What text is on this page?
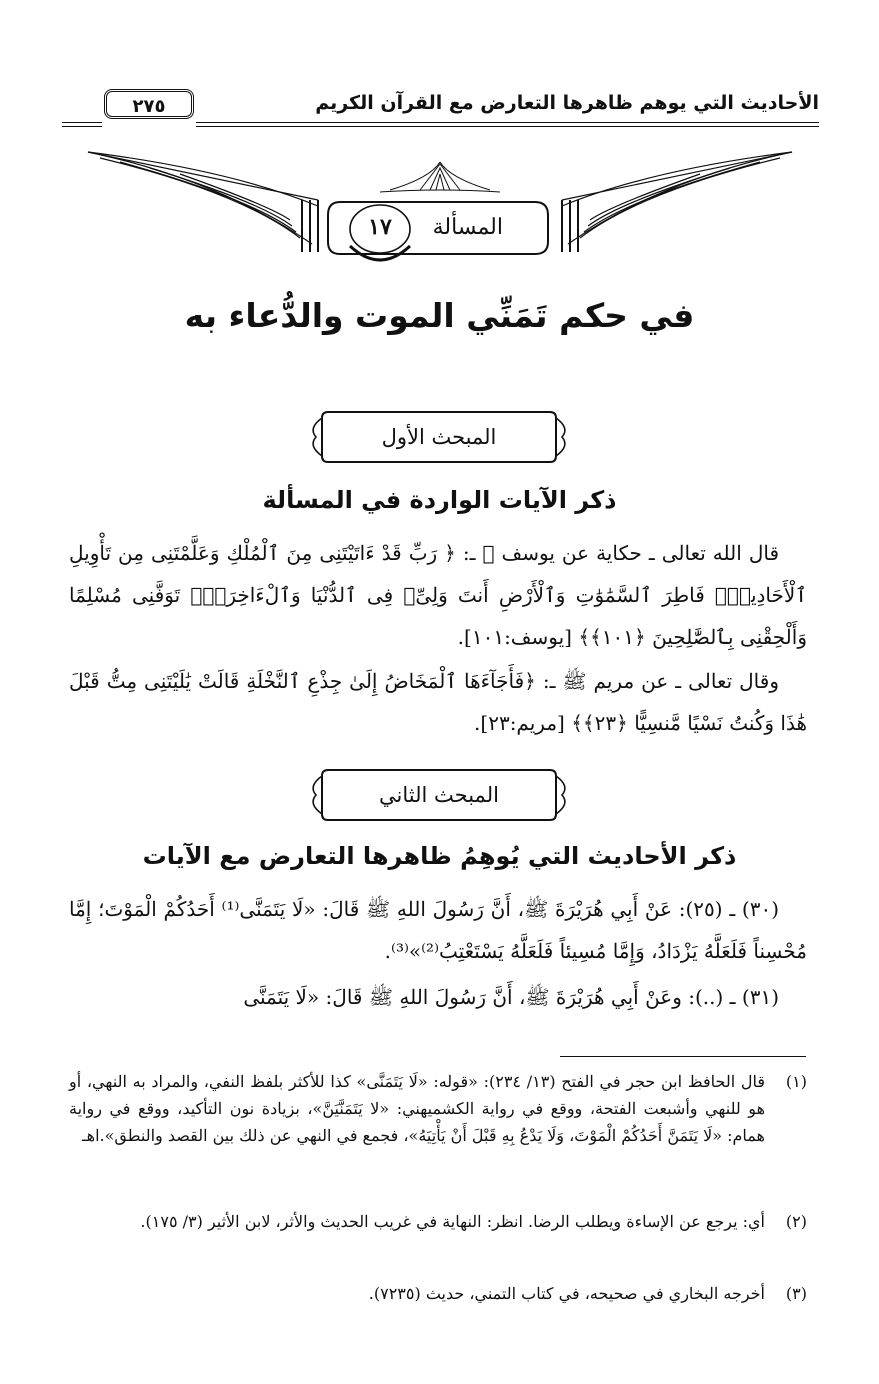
الأحاديث التي يوهم ظاهرها التعارض مع القرآن الكريم
٢٧٥
المسألة
١٧
في حكم تَمَنِّي الموت والدُّعاء به
المبحث الأول
ذكر الآيات الواردة في المسألة
قال الله تعالى ـ حكاية عن يوسف ﷺ ـ: ﴿ رَبِّ قَدْ ءَاتَيْتَنِى مِنَ ٱلْمُلْكِ وَعَلَّمْتَنِى مِن تَأْوِيلِ ٱلْأَحَادِيثِۚ فَاطِرَ ٱلسَّمَٰوَٰتِ وَٱلْأَرْضِ أَنتَ وَلِىِّۦ فِى ٱلدُّنْيَا وَٱلْءَاخِرَةِۖ تَوَفَّنِى مُسْلِمًا وَأَلْحِقْنِى بِٱلصَّٰلِحِينَ ﴿١٠١﴾﴾ [يوسف:١٠١].
وقال تعالى ـ عن مريم ﷺ ـ: ﴿فَأَجَآءَهَا ٱلْمَخَاضُ إِلَىٰ جِذْعِ ٱلنَّخْلَةِ قَالَتْ يَٰلَيْتَنِى مِتُّ قَبْلَ هَٰذَا وَكُنتُ نَسْيًا مَّنسِيًّا ﴿٢٣﴾﴾ [مريم:٢٣].
المبحث الثاني
ذكر الأحاديث التي يُوهِمُ ظاهرها التعارض مع الآيات
(٣٠) ـ (٢٥): عَنْ أَبِي هُرَيْرَةَ ﷺ، أَنَّ رَسُولَ اللهِ ﷺ قَالَ: «لَا يَتَمَنَّى⁽¹⁾ أَحَدُكُمْ الْمَوْتَ؛ إِمَّا مُحْسِناً فَلَعَلَّهُ يَزْدَادُ، وَإِمَّا مُسِيئاً فَلَعَلَّهُ يَسْتَعْتِبُ⁽²⁾»⁽³⁾.
(٣١) ـ (..): وعَنْ أَبِي هُرَيْرَةَ ﷺ، أَنَّ رَسُولَ اللهِ ﷺ قَالَ: «لَا يَتَمَنَّى
(١)
قال الحافظ ابن حجر في الفتح (١٣/ ٢٣٤): «قوله: «لَا يَتَمَنَّى» كذا للأكثر بلفظ النفي، والمراد به النهي، أو هو للنهي وأشبعت الفتحة، ووقع في رواية الكشميهني: «لا يَتَمَنَّيَنَّ»، بزيادة نون التأكيد، ووقع في رواية همام: «لَا يَتَمَنَّ أَحَدُكُمْ الْمَوْتَ، وَلَا يَدْعُ بِهِ قَبْلَ أَنْ يَأْتِيَهُ»، فجمع في النهي عن ذلك بين القصد والنطق».اهـ
(٢)
أي: يرجع عن الإساءة ويطلب الرضا. انظر: النهاية في غريب الحديث والأثر، لابن الأثير (٣/ ١٧٥).
(٣)
أخرجه البخاري في صحيحه، في كتاب التمني، حديث (٧٢٣٥).
